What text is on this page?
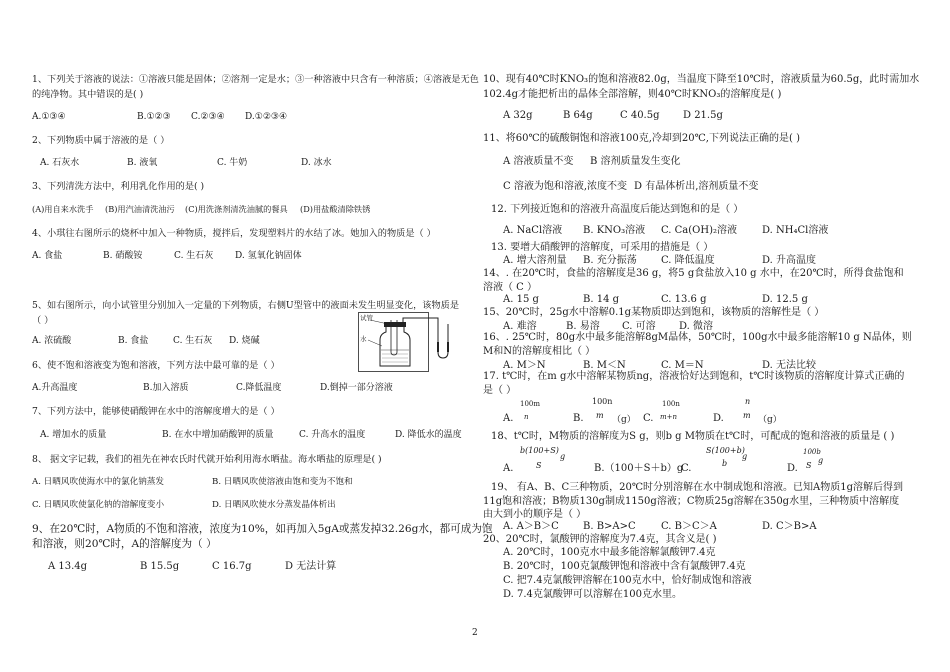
1、下列关于溶液的说法：①溶液只能是固体；②溶剂一定是水；③一种溶液中只含有一种溶质；④溶液是无色
的纯净物。其中错误的是( )
A.①③④	B.①②③ C.②③④ D.①②③④
2、下列物质中属于溶液的是（ ）
A. 石灰水	B. 液氧	C. 牛奶	D. 冰水
3、下列清洗方法中，利用乳化作用的是( )
(A)用自来水洗手 (B)用汽油清洗油污 (C)用洗涤剂清洗油腻的餐具 (D)用盐酸清除铁锈
4、小琪往右图所示的烧杯中加入一种物质，搅拌后，发现塑料片的水结了冰。她加入的物质是（ ）
A. 食盐	B. 硝酸铵	C. 生石灰 D. 氢氧化钠固体
5、如右图所示，向小试管里分别加入一定量的下列物质，右侧U型管中的液面未发生明显变化，该物质是
（ ）
A. 浓硫酸	B. 食盐	C. 生石灰 D. 烧碱
试管
水
6、使不饱和溶液变为饱和溶液，下列方法中最可靠的是（ ）
A.升高温度	B.加入溶质	C.降低温度	D.倒掉一部分溶液
7、下列方法中，能够使硝酸钾在水中的溶解度增大的是（ ）
A. 增加水的质量	B. 在水中增加硝酸钾的质量	C. 升高水的温度	D. 降低水的温度
8、 据文字记载，我们的祖先在神农氏时代就开始利用海水晒盐。海水晒盐的原理是( )
A. 日晒风吹使海水中的氯化钠蒸发	B. 日晒风吹使溶液由饱和变为不饱和
C. 日晒风吹使氯化钠的溶解度变小	D. 日晒风吹使水分蒸发晶体析出
9、在20℃时，A物质的不饱和溶液，浓度为10%，如再加入5gA或蒸发掉32.26g水，都可成为饱
和溶液，则20℃时，A的溶解度为（ ）
A 13.4g	B 15.5g	C 16.7g	D 无法计算
10、现有40℃时KNO₃的饱和溶液82.0g，当温度下降至10℃时，溶液质量为60.5g，此时需加水
102.4g才能把析出的晶体全部溶解，则40℃时KNO₃的溶解度是( )
A 32g	B 64g	C 40.5g D 21.5g
11、将60℃的硫酸铜饱和溶液100克,冷却到20℃,下列说法正确的是( )
A 溶液质量不变 B 溶剂质量发生变化
C 溶液为饱和溶液,浓度不变 D 有晶体析出,溶剂质量不变
12. 下列接近饱和的溶液升高温度后能达到饱和的是（ ）
A. NaCl溶液 B. KNO₃溶液 C. Ca(OH)₂溶液	D. NH₄Cl溶液
13. 要增大硝酸钾的溶解度，可采用的措施是（ ）
A. 增大溶剂量 B. 充分振荡 C. 降低温度	D. 升高温度
14、. 在20℃时，食盐的溶解度是36 g，将5 g食盐放入10 g 水中，在20℃时，所得食盐饱和
溶液（ C ）
A. 15 g	B. 14 g	C. 13.6 g	D. 12.5 g
15、20℃时，25g水中溶解0.1g某物质即达到饱和，该物质的溶解性是（ ）
A. 难溶	B. 易溶 C. 可溶 D. 微溶
16、. 25℃时，80g水中最多能溶解8gM晶体，50℃时，100g水中最多能溶解10 g N晶体，则
M和N的溶解度相比（ ）
A. M＞N	B. M＜N	C. M＝N	D. 无法比较
17. t℃时，在m g水中溶解某物质ng，溶液恰好达到饱和，t℃时该物质的溶解度计算式正确的
是（ ）
A.
100m
n	B.
100n
m （g） C.
100n
m+n	D.
n
m （g）
18、t℃时，M物质的溶解度为S g，则b g M物质在t℃时，可配成的饱和溶液的质量是 ( )
A.
b(100+S)
S
g
B.（100＋S＋b）g
C.
S(100+b)
b
g
D.
100b
S
g
19、 有A、B、C三种物质，20℃时分别溶解在水中制成饱和溶液。已知A物质1g溶解后得到
11g饱和溶液；B物质130g制成1150g溶液；C物质25g溶解在350g水里，三种物质中溶解度
由大到小的顺序是（ ）
A. A＞B＞C B. B>A>C	C. B＞C＞A	D. C＞B>A
20、20℃时，氯酸钾的溶解度为7.4克，其含义是( )
A. 20℃时，100克水中最多能溶解氯酸钾7.4克
B. 20℃时，100克氯酸钾饱和溶液中含有氯酸钾7.4克
C. 把7.4克氯酸钾溶解在100克水中，恰好制成饱和溶液
D. 7.4克氯酸钾可以溶解在100克水里。
2
